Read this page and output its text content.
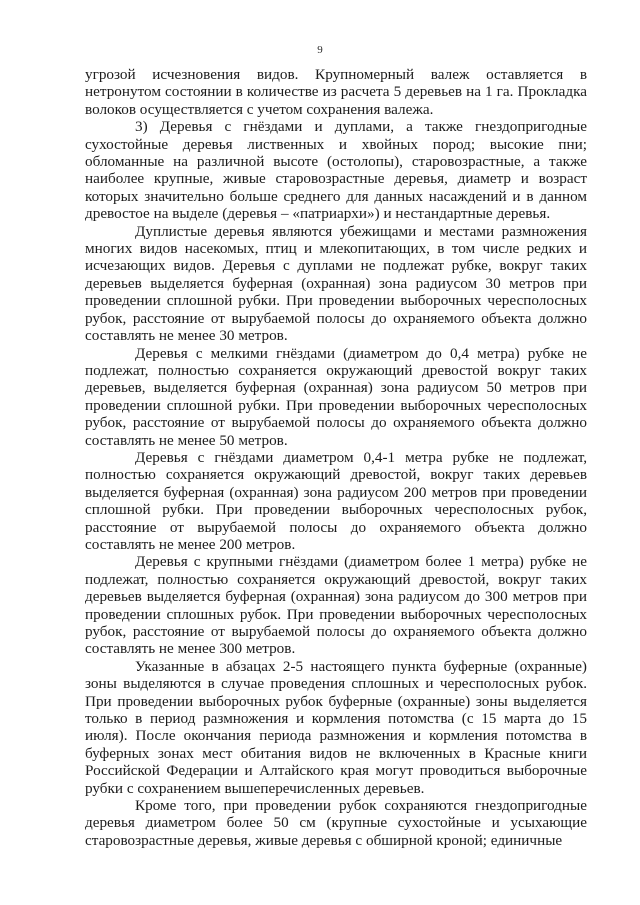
9

угрозой исчезновения видов. Крупномерный валеж оставляется в нетронутом состоянии в количестве из расчета 5 деревьев на 1 га. Прокладка волоков осуществляется с учетом сохранения валежа.

3) Деревья с гнёздами и дуплами, а также гнездопригодные сухостойные деревья лиственных и хвойных пород; высокие пни; обломанные на различной высоте (остолопы), старовозрастные, а также наиболее крупные, живые старовозрастные деревья, диаметр и возраст которых значительно больше среднего для данных насаждений и в данном древостое на выделе (деревья – «патриархи») и нестандартные деревья.

Дуплистые деревья являются убежищами и местами размножения многих видов насекомых, птиц и млекопитающих, в том числе редких и исчезающих видов. Деревья с дуплами не подлежат рубке, вокруг таких деревьев выделяется буферная (охранная) зона радиусом 30 метров при проведении сплошной рубки. При проведении выборочных чересполосных рубок, расстояние от вырубаемой полосы до охраняемого объекта должно составлять не менее 30 метров.

Деревья с мелкими гнёздами (диаметром до 0,4 метра) рубке не подлежат, полностью сохраняется окружающий древостой вокруг таких деревьев, выделяется буферная (охранная) зона радиусом 50 метров при проведении сплошной рубки. При проведении выборочных чересполосных рубок, расстояние от вырубаемой полосы до охраняемого объекта должно составлять не менее 50 метров.

Деревья с гнёздами диаметром 0,4-1 метра рубке не подлежат, полностью сохраняется окружающий древостой, вокруг таких деревьев выделяется буферная (охранная) зона радиусом 200 метров при проведении сплошной рубки. При проведении выборочных чересполосных рубок, расстояние от вырубаемой полосы до охраняемого объекта должно составлять не менее 200 метров.

Деревья с крупными гнёздами (диаметром более 1 метра) рубке не подлежат, полностью сохраняется окружающий древостой, вокруг таких деревьев выделяется буферная (охранная) зона радиусом до 300 метров при проведении сплошных рубок. При проведении выборочных чересполосных рубок, расстояние от вырубаемой полосы до охраняемого объекта должно составлять не менее 300 метров.

Указанные в абзацах 2-5 настоящего пункта буферные (охранные) зоны выделяются в случае проведения сплошных и чересполосных рубок. При проведении выборочных рубок буферные (охранные) зоны выделяется только в период размножения и кормления потомства (с 15 марта до 15 июля). После окончания периода размножения и кормления потомства в буферных зонах мест обитания видов не включенных в Красные книги Российской Федерации и Алтайского края могут проводиться выборочные рубки с сохранением вышеперечисленных деревьев.

Кроме того, при проведении рубок сохраняются гнездопригодные деревья диаметром более 50 см (крупные сухостойные и усыхающие старовозрастные деревья, живые деревья с обширной кроной; единичные
